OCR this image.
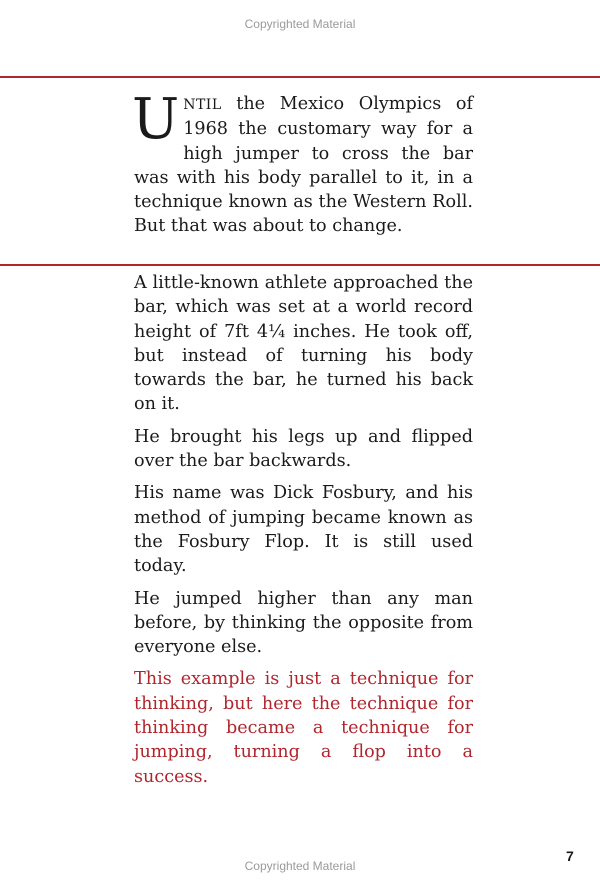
Copyrighted Material
UNTIL the Mexico Olympics of 1968 the customary way for a high jumper to cross the bar was with his body parallel to it, in a technique known as the Western Roll. But that was about to change.

A little-known athlete approached the bar, which was set at a world record height of 7ft 4¼ inches. He took off, but instead of turning his body towards the bar, he turned his back on it.

He brought his legs up and flipped over the bar backwards.

His name was Dick Fosbury, and his method of jumping became known as the Fosbury Flop. It is still used today.

He jumped higher than any man before, by thinking the opposite from everyone else.

This example is just a technique for thinking, but here the technique for thinking became a technique for jumping, turning a flop into a success.

7
Copyrighted Material
